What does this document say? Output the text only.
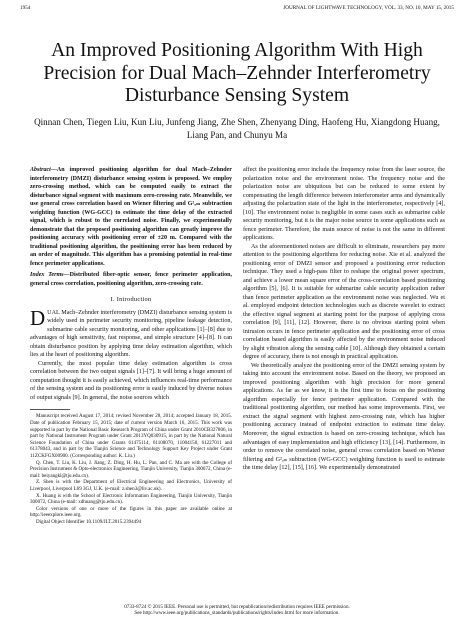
1954	JOURNAL OF LIGHTWAVE TECHNOLOGY, VOL. 33, NO. 10, MAY 15, 2015
An Improved Positioning Algorithm With High Precision for Dual Mach–Zehnder Interferometry Disturbance Sensing System
Qinnan Chen, Tiegen Liu, Kun Liu, Junfeng Jiang, Zhe Shen, Zhenyang Ding, Haofeng Hu, Xiangdong Huang, Liang Pan, and Chunyu Ma

Abstract—An improved positioning algorithm for dual Mach–Zehnder interferometry (DMZI) disturbance sensing system is proposed. We employ zero-crossing method, which can be computed easily to extract the disturbance signal segment with maximum zero-crossing rate. Meanwhile, we use general cross correlation based on Wiener filtering and G²ₐₘ subtraction weighting function (WG-GCC) to estimate the time delay of the extracted signal, which is robust to the correlated noise. Finally, we experimentally demonstrate that the proposed positioning algorithm can greatly improve the positioning accuracy with positioning error of ±20 m. Compared with the traditional positioning algorithm, the positioning error has been reduced by an order of magnitude. This algorithm has a promising potential in real-time fence perimeter applications.

Index Terms—Distributed fiber-optic sensor, fence perimeter application, general cross correlation, positioning algorithm, zero-crossing rate.

I. Introduction

DUAL Mach–Zehnder interferometry (DMZI) disturbance sensing system is widely used in perimeter security monitoring, pipeline leakage detection, submarine cable security monitoring, and other applications [1]–[8] due to advantages of high sensitivity, fast response, and simple structure [4]–[8]. It can obtain disturbance position by applying time delay estimation algorithm, which lies at the heart of positioning algorithm.

Currently, the most popular time delay estimation algorithm is cross correlation between the two output signals [1]–[7]. It will bring a huge amount of computation thought it is easily achieved, which influences real-time performance of the sensing system and its positioning error is easily induced by diverse noises of output signals [9]. In general, the noise sources which

Manuscript received August 17, 2014; revised November 28, 2014; accepted January 18, 2015. Date of publication February 15, 2015; date of current version March 16, 2015. This work was supported in part by the National Basic Research Program of China under Grant 2010CB327806, in part by National Instrument Program under Grant 2013YQ030915, in part by the National Natural Science Foundation of China under Grants 61475114, 61108070, 11004150, 61227011 and 61378043, and in part by the Tianjin Science and Technology Support Key Project under Grant 11ZCKFGX00900. (Corresponding author: K. Liu.)

Q. Chen, T. Liu, K. Liu, J. Jiang, Z. Ding, H. Hu, L. Pan, and C. Ma are with the College of Precision Instrument & Opto-electronics Engineering, Tianjin University, Tianjin 300072, China (e-mail: beiyangkl@tju.edu.cn).

Z. Shen is with the Department of Electrical Engineering and Electronics, University of Liverpool, Liverpool L69 3GJ, U.K. (e-mail: z.shen3@liv.ac.uk).

X. Huang is with the School of Electronic Information Engineering, Tianjin University, Tianjin 300072, China (e-mail: xdhuang@tju.edu.cn).

Color versions of one or more of the figures in this paper are available online at http://ieeexplore.ieee.org.

Digital Object Identifier 10.1109/JLT.2015.2394494

affect the positioning error include the frequency noise from the laser source, the polarization noise and the environment noise. The frequency noise and the polarization noise are ubiquitous but can be reduced to some extent by compensating the length difference between interferometer arms and dynamically adjusting the polarization state of the light in the interferometer, respectively [4], [10]. The environment noise is negligible in some cases such as submarine cable security monitoring, but it is the major noise source in some applications such as fence perimeter. Therefore, the main source of noise is not the same in different applications.

As the aforementioned noises are difficult to eliminate, researchers pay more attention to the positioning algorithms for reducing noise. Xie et al. analyzed the positioning error of DMZI sensor and proposed a positioning error reduction technique. They used a high-pass filter to reshape the original power spectrum, and achieve a lower mean square error of the cross-correlation based positioning algorithm [5], [6]. It is suitable for submarine cable security application rather than fence perimeter application as the environment noise was neglected. Wu et al. employed endpoint detection technologies such as discrete wavelet to extract the effective signal segment at starting point for the purpose of applying cross correlation [9], [11], [12]. However, there is no obvious starting point when intrusion occurs in fence perimeter application and the positioning error of cross correlation based algorithm is easily affected by the environment noise induced by slight vibration along the sensing cable [10]. Although they obtained a certain degree of accuracy, there is not enough in practical application.

We theoretically analyze the positioning error of the DMZI sensing system by taking into account the environment noise. Based on the theory, we proposed an improved positioning algorithm with high precision for more general applications. As far as we know, it is the first time to focus on the positioning algorithm especially for fence perimeter application. Compared with the traditional positioning algorithm, our method has some improvements. First, we extract the signal segment with highest zero-crossing rate, which has higher positioning accuracy instead of endpoint extraction to estimate time delay. Moreover, the signal extraction is based on zero-crossing technique, which has advantages of easy implementation and high efficiency [13], [14]. Furthermore, in order to remove the correlated noise, general cross correlation based on Wiener filtering and G²ₐₘ subtraction (WG-GCC) weighting function is used to estimate the time delay [12], [15], [16]. We experimentally demonstrated

0733-8724 © 2015 IEEE. Personal use is permitted, but republication/redistribution requires IEEE permission.
See http://www.ieee.org/publications_standards/publications/rights/index.html for more information.
